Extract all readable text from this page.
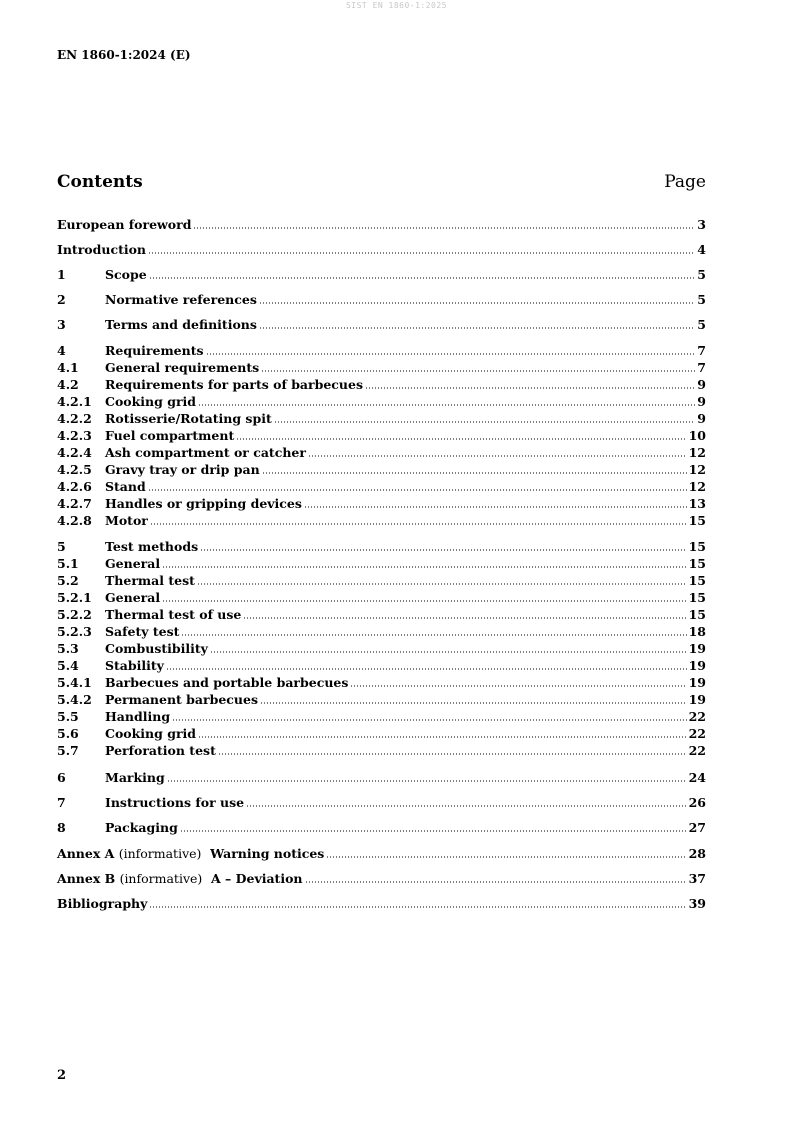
SIST EN 1860-1:2025
EN 1860-1:2024 (E)
Contents	Page
European foreword	3
Introduction	4
1	Scope	5
2	Normative references	5
3	Terms and definitions	5
4	Requirements	7
4.1	General requirements	7
4.2	Requirements for parts of barbecues	9
4.2.1	Cooking grid	9
4.2.2	Rotisserie/Rotating spit	9
4.2.3	Fuel compartment	10
4.2.4	Ash compartment or catcher	12
4.2.5	Gravy tray or drip pan	12
4.2.6	Stand	12
4.2.7	Handles or gripping devices	13
4.2.8	Motor	15
5	Test methods	15
5.1	General	15
5.2	Thermal test	15
5.2.1	General	15
5.2.2	Thermal test of use	15
5.2.3	Safety test	18
5.3	Combustibility	19
5.4	Stability	19
5.4.1	Barbecues and portable barbecues	19
5.4.2	Permanent barbecues	19
5.5	Handling	22
5.6	Cooking grid	22
5.7	Perforation test	22
6	Marking	24
7	Instructions for use	26
8	Packaging	27
Annex A (informative) Warning notices	28
Annex B (informative) A – Deviation	37
Bibliography	39
2
